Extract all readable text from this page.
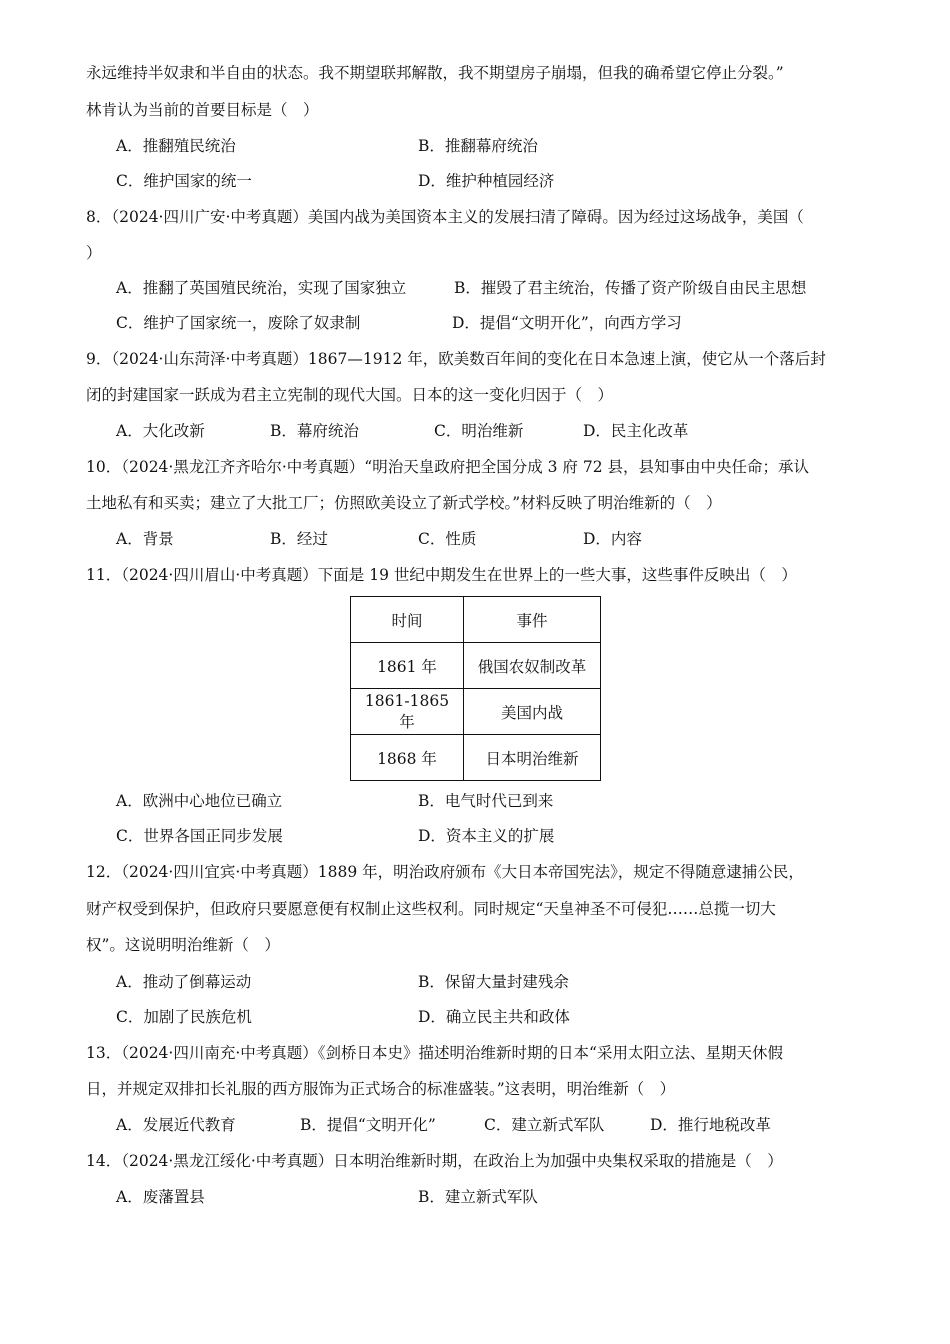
永远维持半奴隶和半自由的状态。我不期望联邦解散，我不期望房子崩塌，但我的确希望它停止分裂。”
林肯认为当前的首要目标是（　）
A．推翻殖民统治	B．推翻幕府统治
C．维护国家的统一	D．维护种植园经济
8．（2024·四川广安·中考真题）美国内战为美国资本主义的发展扫清了障碍。因为经过这场战争，美国（
）
A．推翻了英国殖民统治，实现了国家独立	B．摧毁了君主统治，传播了资产阶级自由民主思想
C．维护了国家统一，废除了奴隶制	D．提倡“文明开化”，向西方学习
9．（2024·山东菏泽·中考真题）1867—1912 年，欧美数百年间的变化在日本急速上演，使它从一个落后封
闭的封建国家一跃成为君主立宪制的现代大国。日本的这一变化归因于（　）
A．大化改新	B．幕府统治	C．明治维新	D．民主化改革
10．（2024·黑龙江齐齐哈尔·中考真题）“明治天皇政府把全国分成 3 府 72 县，县知事由中央任命；承认
土地私有和买卖；建立了大批工厂；仿照欧美设立了新式学校。”材料反映了明治维新的（　）
A．背景	B．经过	C．性质	D．内容
11．（2024·四川眉山·中考真题）下面是 19 世纪中期发生在世界上的一些大事，这些事件反映出（　）
时间	事件
1861 年	俄国农奴制改革
1861-1865 年	美国内战
1868 年	日本明治维新
A．欧洲中心地位已确立	B．电气时代已到来
C．世界各国正同步发展	D．资本主义的扩展
12．（2024·四川宜宾·中考真题）1889 年，明治政府颁布《大日本帝国宪法》，规定不得随意逮捕公民，
财产权受到保护，但政府只要愿意便有权制止这些权利。同时规定“天皇神圣不可侵犯……总揽一切大
权”。这说明明治维新（　）
A．推动了倒幕运动	B．保留大量封建残余
C．加剧了民族危机	D．确立民主共和政体
13．（2024·四川南充·中考真题）《剑桥日本史》描述明治维新时期的日本“采用太阳立法、星期天休假
日，并规定双排扣长礼服的西方服饰为正式场合的标准盛装。”这表明，明治维新（　）
A．发展近代教育	B．提倡“文明开化”	C．建立新式军队	D．推行地税改革
14．（2024·黑龙江绥化·中考真题）日本明治维新时期，在政治上为加强中央集权采取的措施是（　）
A．废藩置县	B．建立新式军队
